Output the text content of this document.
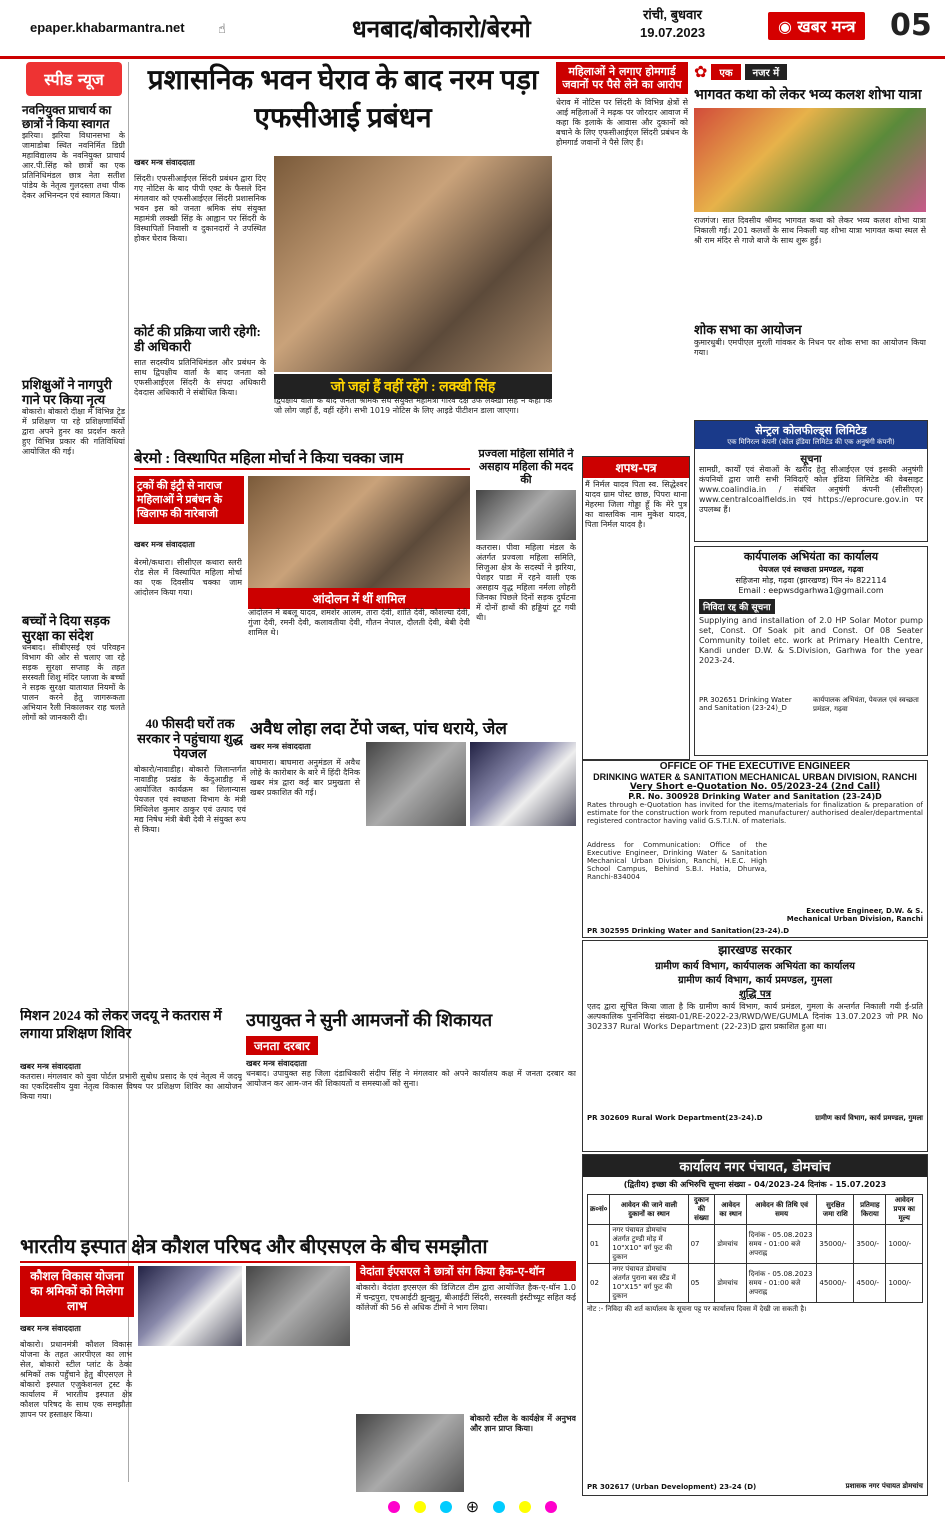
epaper.khabarmantra.net	☝	धनबाद/बोकारो/बेरमो
रांची, बुधवार
19.07.2023	◉ खबर मन्त्र	05
स्पीड न्यूज
नवनियुक्त प्राचार्य का छात्रों ने किया स्वागत
झरिया। झरिया विधानसभा के जामाडोबा स्थित नवनिर्मित डिग्री महाविद्यालय के नवनियुक्त प्राचार्य आर.पी.सिंह को छात्रों का एक प्रतिनिधिमंडल छात्र नेता सतीश पांडेय के नेतृत्व गुलदस्ता तथा पीक देकर अभिनन्दन एवं स्वागत किया।
प्रशिक्षुओं ने नागपुरी गाने पर किया नृत्य
बोकारो। बोकारो दीक्षा में विभिन्न ट्रेड में प्रशिक्षण पा रहे प्रशिक्षणार्थियों द्वारा अपने हुनर का प्रदर्शन करते हुए विभिन्न प्रकार की गतिविधियां आयोजित की गई।
बच्चों ने दिया सड़क सुरक्षा का संदेश
धनबाद। सीबीएसई एवं परिवहन विभाग की ओर से चलाए जा रहे सड़क सुरक्षा सप्ताह के तहत सरस्वती शिशु मंदिर प्लाजा के बच्चों ने सड़क सुरक्षा यातायात नियमों के पालन करने हेतु जागरूकता अभियान रैली निकालकर राह चलते लोगों को जानकारी दी।
प्रशासनिक भवन घेराव के बाद नरम पड़ा एफसीआई प्रबंधन
खबर मन्त्र संवाददाता
सिंदरी। एफसीआईएल सिंदरी प्रबंधन द्वारा दिए गए नोटिस के बाद पीपी एक्ट के फैसले दिन मंगलवार को एफसीआईएल सिंदरी प्रशासनिक भवन इस को जनता श्रमिक संघ संयुक्त महामंत्री लक्खी सिंह के आह्वान पर सिंदरी के विस्थापितों निवासी व दुकानदारों ने उपस्थित होकर घेराव किया।
कोर्ट की प्रक्रिया जारी रहेगी: डी अधिकारी
सात सदस्यीय प्रतिनिधिमंडल और प्रबंधन के साथ द्विपक्षीय वार्ता के बाद जनता को एफसीआईएल सिंदरी के संपदा अधिकारी देवदास अधिकारी ने संबोधित किया।	जो जहां हैं वहीं रहेंगे : लक्खी सिंह
द्विपक्षीय वार्ता के बाद जनता श्रमिक संघ संयुक्त महामंत्री गौरव दक्ष उर्फ लक्खी सिंह ने कहा कि जो लोग जहाँ हैं, वहीं रहेंगे। सभी 1019 नोटिस के लिए आइडे पीटीशन डाला जाएगा।
महिलाओं ने लगाए होमगार्ड जवानों पर पैसे लेने का आरोप
धेराव में नोटिस पर सिंदरी के विभिन्न क्षेत्रों से आई महिलाओं ने मढ़क पर जोरदार आवाज में कहा कि इलाके के आवास और दुकानों को बचाने के लिए एफसीआईएल सिंदरी प्रबंधन के होमगार्ड जवानों ने पैसे लिए हैं।
✿	एक	नजर में
भागवत कथा को लेकर भव्य कलश शोभा यात्रा
राजगंज। सात दिवसीय श्रीमद भागवत कथा को लेकर भव्य कलश शोभा यात्रा निकाली गई। 201 कलशों के साथ निकली यह शोभा यात्रा भागवत कथा स्थल से श्री राम मंदिर से गाजे बाजे के साथ शुरू हुई।
शोक सभा का आयोजन
कुमारधुबी। एमपीएल मुरली गांवकर के निधन पर शोक सभा का आयोजन किया गया।
बेरमो : विस्थापित महिला मोर्चा ने किया चक्का जाम
ट्रकों की इंट्री से नाराज महिलाओं ने प्रबंधन के खिलाफ की नारेबाजी
खबर मन्त्र संवाददाता
बेरमो/कथारा। सीसीएल कथारा स्लरी रोड सेल में विस्थापित महिला मोर्चा का एक दिवसीय चक्का जाम आंदोलन किया गया।	आंदोलन में थीं शामिल
आंदोलन में बबलू यादव, शमशेर आलम, तारा देवी, शांति देवी, कौशल्या देवी, गुंजा देवी, रमनी देवी, कलावतीया देवी, गौतन नेपाल, दौलती देवी, बेबी देवी शामिल थे।
प्रज्वला महिला समिति ने असहाय महिला की मदद की
कतरास। पीवा महिला मंडल के अंतर्गत प्रज्वला महिला समिति, सिजुआ क्षेत्र के सदस्यों ने झरिया, पेशहर पाडा में रहने वाली एक असहाय वृद्ध महिला नर्मला लोहरी जिनका पिछले दिनों सड़क दुर्घटना में दोनों हाथों की हड्डियां टूट गयी थी।
शपथ-पत्र
मैं निर्मल यादव पिता स्व. सिद्धेश्वर यादव ग्राम पोस्ट छाछ, पिपरा थाना मेहरमा जिला गोड्डा हूँ कि मेरे पुत्र का वास्तविक नाम मुकेश यादव, पिता निर्मल यादव है।
सेन्ट्रल कोलफील्ड्स लिमिटेड
एक मिनिरत्न कंपनी (कोल इंडिया लिमिटेड की एक अनुषंगी कंपनी)
सूचना
सामग्री, कार्यों एवं सेवाओं के खरीद हेतु सीआईएल एवं इसकी अनुषंगी कंपनियों द्वारा जारी सभी निविदाएँ कोल इंडिया लिमिटेड की वेबसाइट www.coalindia.in / संबंधित अनुषंगी कंपनी (सीसीएल) www.centralcoalfields.in एवं https://eprocure.gov.in पर उपलब्ध हैं।
कार्यपालक अभियंता का कार्यालय
पेयजल एवं स्वच्छता प्रमण्डल, गढ़वा
सहिजना मोड़, गढ़वा (झारखण्ड) पिन नं० 822114
Email : eepwsdgarhwa1@gmail.com
निविदा रद्द की सूचना
Supplying and installation of 2.0 HP Solar Motor pump set, Const. Of Soak pit and Const. Of 08 Seater Community toilet etc. work at Primary Health Centre, Kandi under D.W. & S.Division, Garhwa for the year 2023-24.
PR 302651 Drinking Water and Sanitation (23-24)_D
कार्यपालक अभियंता, पेयजल एवं स्वच्छता प्रमंडल, गढ़वा
40 फीसदी घरों तक सरकार ने पहुंचाया शुद्ध पेयजल
बोकारो/नावाडीह। बोकारो जिलान्तर्गत नावाडीह प्रखंड के केंदुआडीह में आयोजित कार्यक्रम का शिलान्यास पेयजल एवं स्वच्छता विभाग के मंत्री मिथिलेश कुमार ठाकुर एवं उत्पाद एवं मद्य निषेध मंत्री बेबी देवी ने संयुक्त रूप से किया।
अवैध लोहा लदा टेंपो जब्त, पांच धराये, जेल
खबर मन्त्र संवाददाता
बाघमारा। बाघमारा अनुमंडल में अवैध लोहे के कारोबार के बारे में हिंदी दैनिक खबर मंत्र द्वारा कई बार प्रमुखता से खबर प्रकाशित की गई।
OFFICE OF THE EXECUTIVE ENGINEER
DRINKING WATER & SANITATION MECHANICAL URBAN DIVISION, RANCHI
Very Short e-Quotation No. 05/2023-24 (2nd Call)
P.R. No. 300928 Drinking Water and Sanitation (23-24)D
Rates through e-Quotation has invited for the items/materials for finalization & preparation of estimate for the construction work from reputed manufacturer/ authorised dealer/departmental registered contractor having valid G.S.T.I.N. of materials.
Address for Communication: Office of the Executive Engineer, Drinking Water & Sanitation Mechanical Urban Division, Ranchi, H.E.C. High School Campus, Behind S.B.I. Hatia, Dhurwa, Ranchi-834004
Executive Engineer, D.W. & S. Mechanical Urban Division, Ranchi
PR 302595 Drinking Water and Sanitation(23-24).D
झारखण्ड सरकार
ग्रामीण कार्य विभाग, कार्यपालक अभियंता का कार्यालय
ग्रामीण कार्य विभाग, कार्य प्रमण्डल, गुमला
शुद्धि पत्र
एतद द्वारा सूचित किया जाता है कि ग्रामीण कार्य विभाग, कार्य प्रमंडल, गुमला के अन्तर्गत निकाली गयी ई-प्रति अल्पकालिक पुननिविदा संख्या-01/RE-2022-23/RWD/WE/GUMLA दिनांक 13.07.2023 जो PR No 302337 Rural Works Department (22-23)D द्वारा प्रकाशित हुआ था।
PR 302609 Rural Work Department(23-24).D	ग्रामीण कार्य विभाग, कार्य प्रमण्डल, गुमला
मिशन 2024 को लेकर जदयू ने कतरास में लगाया प्रशिक्षण शिविर
खबर मन्त्र संवाददाता
कतरास। मंगलवार को युवा पोर्टल प्रभारी सुबोध प्रसाद के एवं नेतृत्व में जदयू का एकदिवसीय युवा नेतृत्व विकास विषय पर प्रशिक्षण शिविर का आयोजन किया गया।
उपायुक्त ने सुनी आमजनों की शिकायत
जनता दरबार
खबर मन्त्र संवाददाता
धनबाद। उपायुक्त सह जिला दंडाधिकारी संदीप सिंह ने मंगलवार को अपने कार्यालय कक्ष में जनता दरबार का आयोजन कर आम-जन की शिकायतों व समस्याओं को सुना।
भारतीय इस्पात क्षेत्र कौशल परिषद और बीएसएल के बीच समझौता
कौशल विकास योजना का श्रमिकों को मिलेगा लाभ
खबर मन्त्र संवाददाता
बोकारो। प्रधानमंत्री कौशल विकास योजना के तहत आरपीएल का लाभ सेल, बोकारो स्टील प्लांट के ठेका श्रमिकों तक पहुँचाने हेतु बीएसएल ने बोकारो इस्पात एजुकेशनल ट्रस्ट के कार्यालय में भारतीय इस्पात क्षेत्र कौशल परिषद के साथ एक समझौता ज्ञापन पर हस्ताक्षर किया।
वेदांता ईएसएल ने छात्रों संग किया हैक-ए-थॉन
बोकारो। वेदांता इएसएल की डिजिटल टीम द्वारा आयोजित हैक-ए-थॉन 1.0 में चन्द्रपुरा, एचआईटी झुन्झुनू, बीआईटी सिंदरी, सरस्वती इंस्टीच्यूट सहित कई कॉलेजों की 56 से अधिक टीमों ने भाग लिया।
बोकारो स्टील के कार्यक्षेत्र में अनुभव और ज्ञान प्राप्त किया।
कार्यालय नगर पंचायत, डोमचांच
(द्वितीय) इच्छा की अभिरुचि सूचना संख्या - 04/2023-24 दिनांक - 15.07.2023
क्र०सं०	आवेदन की जाने वाली दुकानों का स्थान	दुकान की संख्या	आवेदन का स्थान	आवेदन की तिथि एवं समय	सुरक्षित जमा राशि	प्रतिमाह किराया	आवेदन प्रपत्र का मूल्य
01	नगर पंचायत डोमचांच अंतर्गत टुण्डी मोड़ में 10"X10" वर्ग फुट की दुकान	07	डोमचांच	दिनांक - 05.08.2023 समय - 01:00 बजे अपराह्न	35000/-	3500/-	1000/-
02	नगर पंचायत डोमचांच अंतर्गत पुराना बस स्टैंड में 10"X15" वर्ग फुट की दुकान	05	डोमचांच	दिनांक - 05.08.2023 समय - 01:00 बजे अपराह्न	45000/-	4500/-	1000/-
नोट :- निविदा की शर्त कार्यालय के सूचना पट्ट पर कार्यालय दिवस में देखी जा सकती है।
PR 302617 (Urban Development) 23-24 (D)	प्रशासक नगर पंचायत डोमचांच
⊕
